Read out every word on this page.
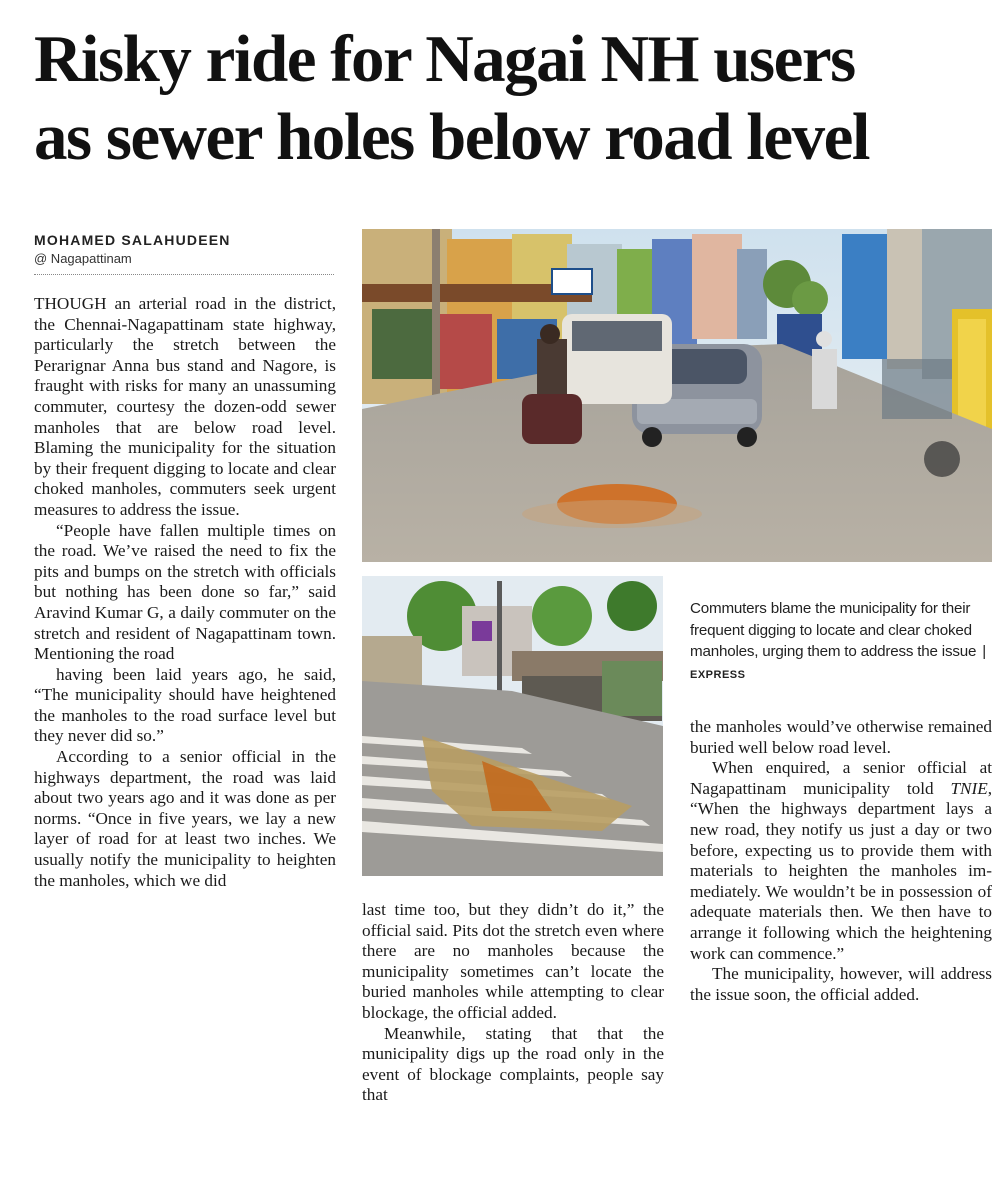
Risky ride for Nagai NH users
as sewer holes below road level
MOHAMED SALAHUDEEN
@ Nagapattinam
Commuters blame the municipality for their frequent digging to locate and clear choked manholes, urging them to address the issue | EXPRESS

THOUGH an arterial road in the district, the Chennai-Nagapattinam state highway, particularly the stretch between the Perarignar Anna bus stand and Nagore, is fraught with risks for many an unassuming commuter, courtesy the dozen-odd sewer manholes that are below road level. Blaming the municipality for the situation by their frequent digging to locate and clear choked manholes, commuters seek urgent measures to address the issue.

“People have fallen multiple times on the road. We’ve raised the need to fix the pits and bumps on the stretch with officials but nothing has been done so far,” said Aravind Kumar G, a daily commuter on the stretch and resident of Nagapattinam town. Mentioning the road

having been laid years ago, he said, “The municipality should have heightened the manholes to the road surface level but they never did so.”

According to a senior official in the highways department, the road was laid about two years ago and it was done as per norms. “Once in five years, we lay a new layer of road for at least two inches. We usually notify the municipality to heighten the manholes, which we did

last time too, but they didn’t do it,” the official said. Pits dot the stretch even where there are no manholes because the municipality sometimes can’t locate the buried manholes while attempting to clear blockage, the official added.

Meanwhile, stating that that the municipality digs up the road only in the event of blockage complaints, people say that

the manholes would’ve otherwise remained buried well below road level.

When enquired, a senior official at Nagapattinam municipality told TNIE, “When the highways department lays a new road, they notify us just a day or two before, expecting us to provide them with materials to heighten the manholes immediately. We wouldn’t be in possession of adequate materials then. We then have to arrange it following which the heightening work can commence.”

The municipality, however, will address the issue soon, the official added.
